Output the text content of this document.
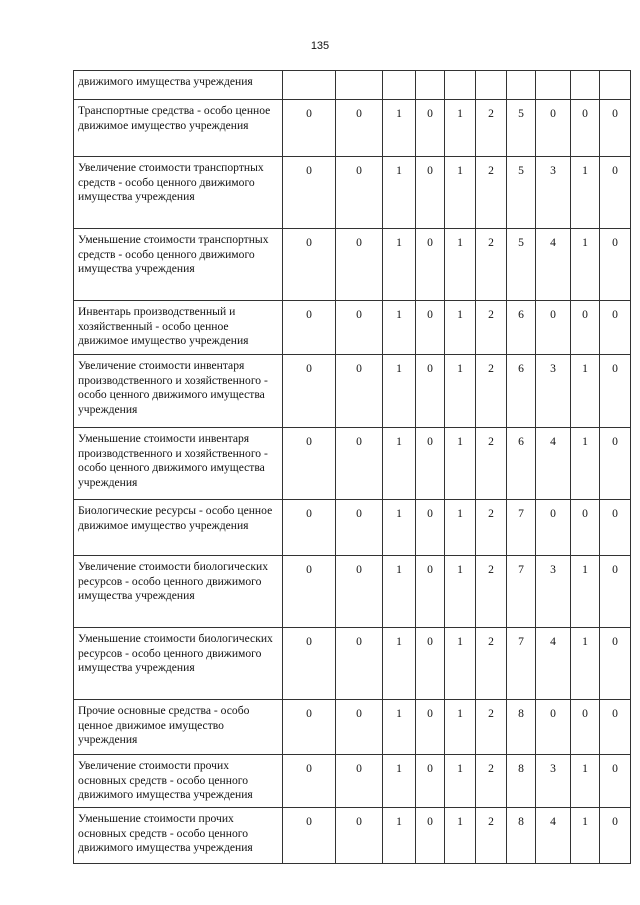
135
движимого имущества учреждения										
Транспортные средства - особо ценное движимое имущество учреждения	0	0	1	0	1	2	5	0	0	0
Увеличение стоимости транспортных средств - особо ценного движимого имущества учреждения	0	0	1	0	1	2	5	3	1	0
Уменьшение стоимости транспортных средств - особо ценного движимого имущества учреждения	0	0	1	0	1	2	5	4	1	0
Инвентарь производственный и хозяйственный - особо ценное движимое имущество учреждения	0	0	1	0	1	2	6	0	0	0
Увеличение стоимости инвентаря производственного и хозяйственного - особо ценного движимого имущества учреждения	0	0	1	0	1	2	6	3	1	0
Уменьшение стоимости инвентаря производственного и хозяйственного - особо ценного движимого имущества учреждения	0	0	1	0	1	2	6	4	1	0
Биологические ресурсы - особо ценное движимое имущество учреждения	0	0	1	0	1	2	7	0	0	0
Увеличение стоимости биологических ресурсов - особо ценного движимого имущества учреждения	0	0	1	0	1	2	7	3	1	0
Уменьшение стоимости биологических ресурсов - особо ценного движимого имущества учреждения	0	0	1	0	1	2	7	4	1	0
Прочие основные средства - особо ценное движимое имущество учреждения	0	0	1	0	1	2	8	0	0	0
Увеличение стоимости прочих основных средств - особо ценного движимого имущества учреждения	0	0	1	0	1	2	8	3	1	0
Уменьшение стоимости прочих основных средств - особо ценного движимого имущества учреждения	0	0	1	0	1	2	8	4	1	0
